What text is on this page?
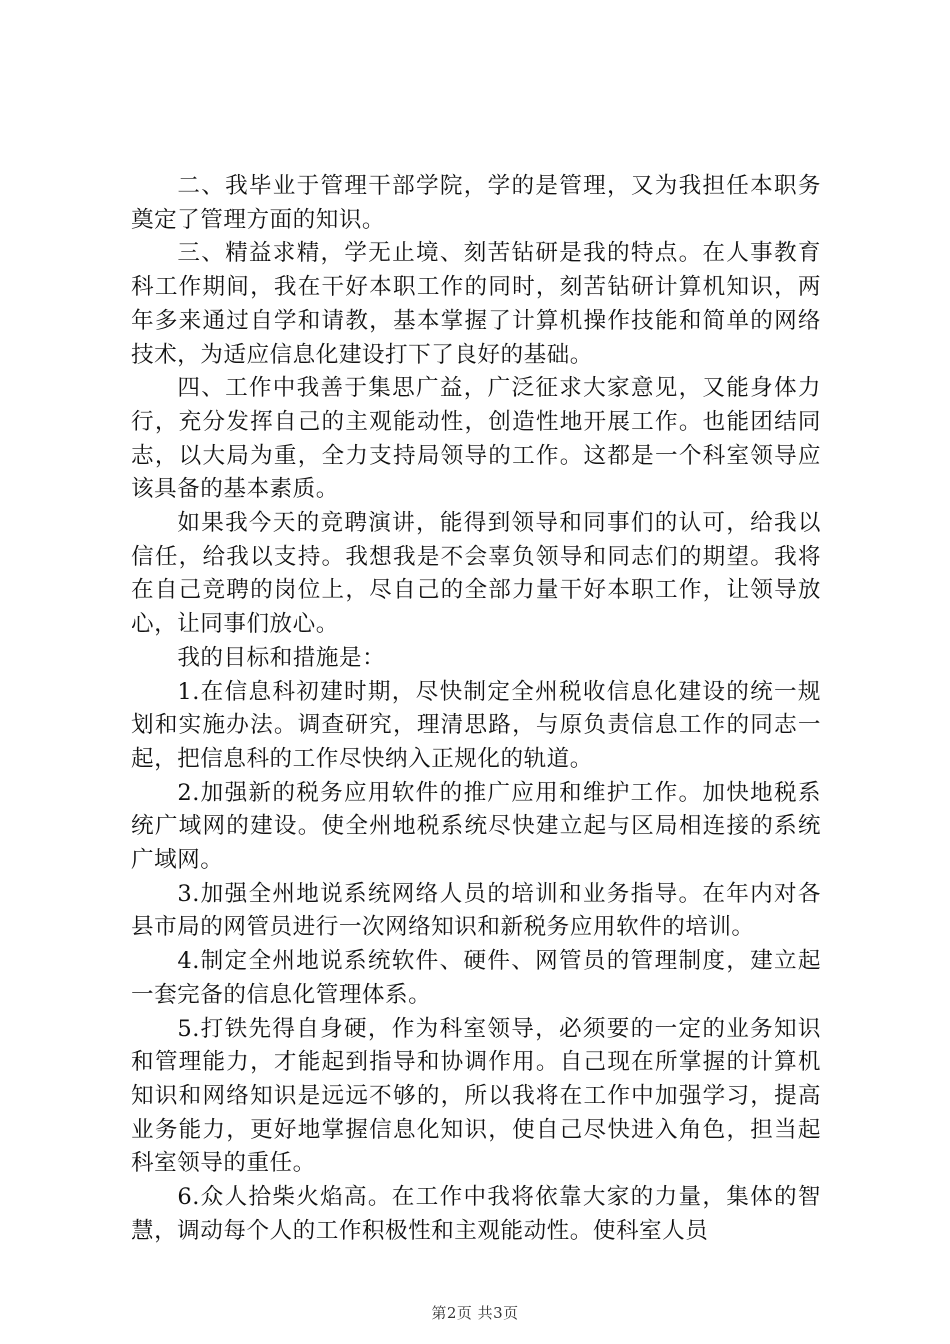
二、我毕业于管理干部学院，学的是管理，又为我担任本职务奠定了管理方面的知识。

三、精益求精，学无止境、刻苦钻研是我的特点。在人事教育科工作期间，我在干好本职工作的同时，刻苦钻研计算机知识，两年多来通过自学和请教，基本掌握了计算机操作技能和简单的网络技术，为适应信息化建设打下了良好的基础。

四、工作中我善于集思广益，广泛征求大家意见，又能身体力行，充分发挥自己的主观能动性，创造性地开展工作。也能团结同志，以大局为重，全力支持局领导的工作。这都是一个科室领导应该具备的基本素质。

如果我今天的竞聘演讲，能得到领导和同事们的认可，给我以信任，给我以支持。我想我是不会辜负领导和同志们的期望。我将在自己竞聘的岗位上，尽自己的全部力量干好本职工作，让领导放心，让同事们放心。

我的目标和措施是：

1.在信息科初建时期，尽快制定全州税收信息化建设的统一规划和实施办法。调查研究，理清思路，与原负责信息工作的同志一起，把信息科的工作尽快纳入正规化的轨道。

2.加强新的税务应用软件的推广应用和维护工作。加快地税系统广域网的建设。使全州地税系统尽快建立起与区局相连接的系统广域网。

3.加强全州地说系统网络人员的培训和业务指导。在年内对各县市局的网管员进行一次网络知识和新税务应用软件的培训。

4.制定全州地说系统软件、硬件、网管员的管理制度，建立起一套完备的信息化管理体系。

5.打铁先得自身硬，作为科室领导，必须要的一定的业务知识和管理能力，才能起到指导和协调作用。自己现在所掌握的计算机知识和网络知识是远远不够的，所以我将在工作中加强学习，提高业务能力，更好地掌握信息化知识，使自己尽快进入角色，担当起科室领导的重任。

6.众人拾柴火焰高。在工作中我将依靠大家的力量，集体的智慧，调动每个人的工作积极性和主观能动性。使科室人员

第2页 共3页
